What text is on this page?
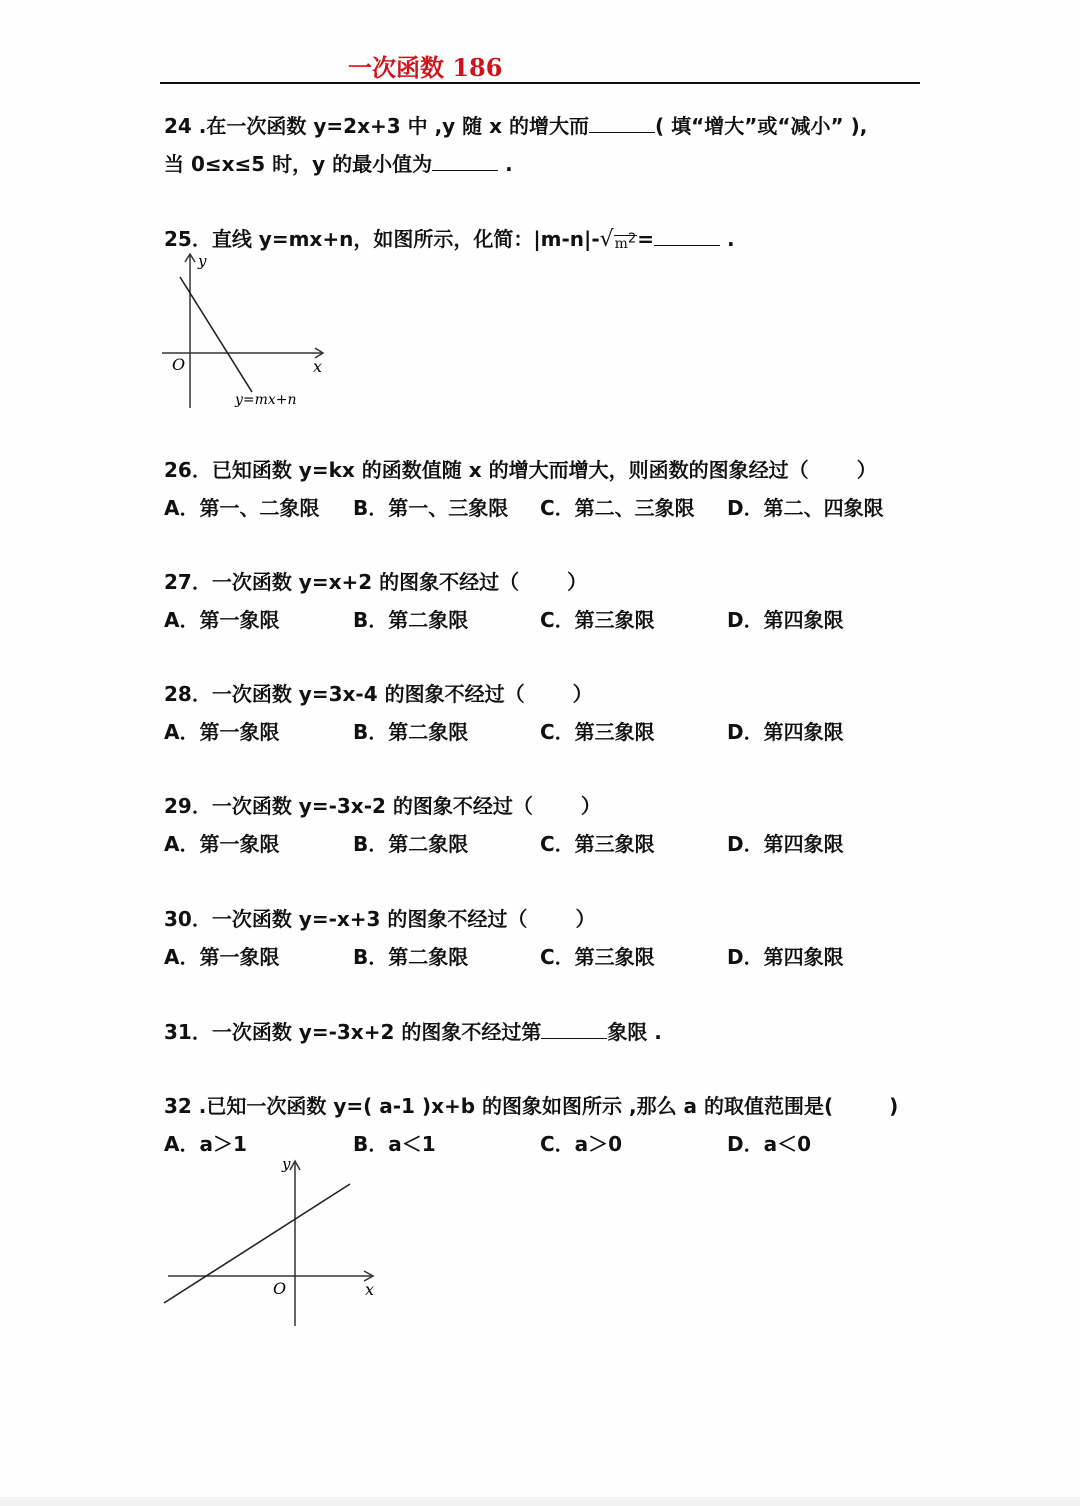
一次函数 186
24 .在一次函数 y=2x+3 中 ,y 随 x 的增大而	( 填“增大”或“减小” ),
当 0≤x≤5 时，y 的最小值为	.
25．直线 y=mx+n，如图所示，化简：$|m-n|-√m^2=$	.
y
O	x
y=mx+n
26．已知函数 y=kx 的函数值随 x 的增大而增大，则函数的图象经过（ ）
A．第一、二象限 B．第一、三象限 C．第二、三象限 D．第二、四象限
27．一次函数 y=x+2 的图象不经过（ ）
A．第一象限	B．第二象限	C．第三象限	D．第四象限
28．一次函数 y=3x-4 的图象不经过（ ）
A．第一象限	B．第二象限	C．第三象限	D．第四象限
29．一次函数 y=-3x-2 的图象不经过（ ）
A．第一象限	B．第二象限	C．第三象限	D．第四象限
30．一次函数 y=-x+3 的图象不经过（ ）
A．第一象限	B．第二象限	C．第三象限	D．第四象限
31．一次函数 y=-3x+2 的图象不经过第	象限 .
32 .已知一次函数 y=( a-1 )x+b 的图象如图所示 ,那么 a 的取值范围是(	)
A．a＞1	B．a＜1	C．a＞0	D．a＜0
y
O	x
